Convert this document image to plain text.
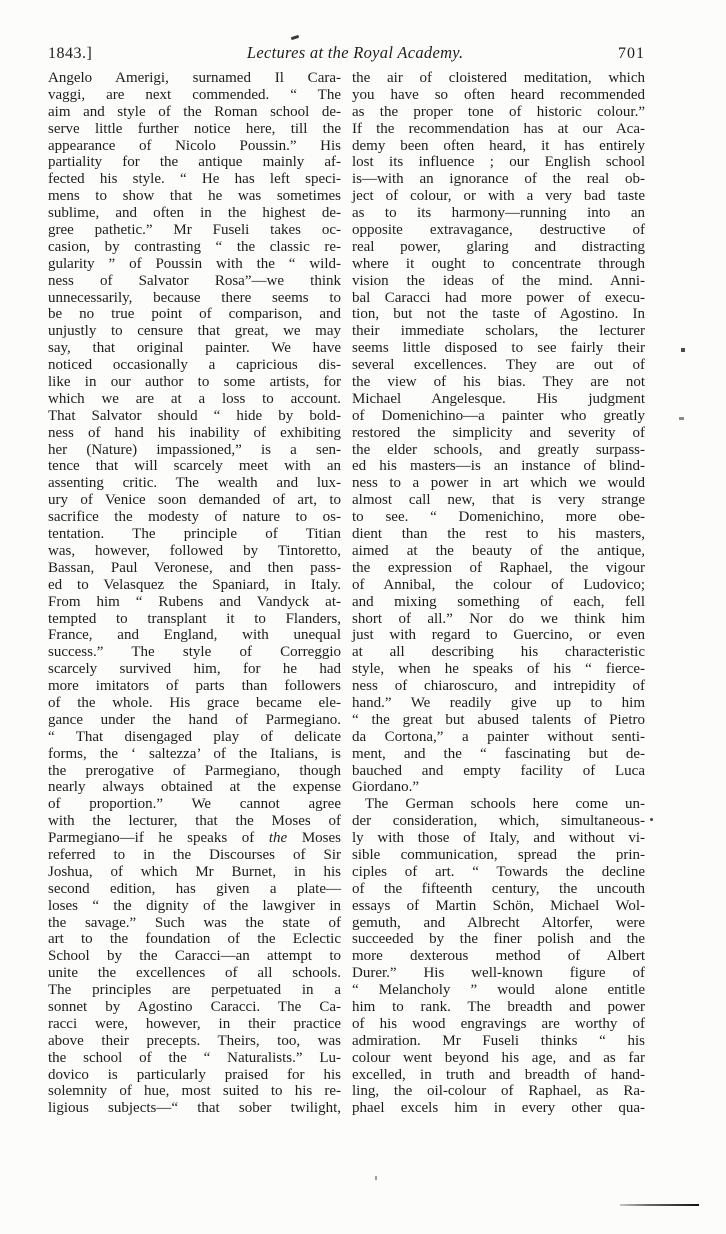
1843.]	Lectures at the Royal Academy.	701
Angelo Amerigi, surnamed Il Cara-
vaggi, are next commended. “ The
aim and style of the Roman school de-
serve little further notice here, till the
appearance of Nicolo Poussin.” His
partiality for the antique mainly af-
fected his style. “ He has left speci-
mens to show that he was sometimes
sublime, and often in the highest de-
gree pathetic.” Mr Fuseli takes oc-
casion, by contrasting “ the classic re-
gularity ” of Poussin with the “ wild-
ness of Salvator Rosa”—we think
unnecessarily, because there seems to
be no true point of comparison, and
unjustly to censure that great, we may
say, that original painter. We have
noticed occasionally a capricious dis-
like in our author to some artists, for
which we are at a loss to account.
That Salvator should “ hide by bold-
ness of hand his inability of exhibiting
her (Nature) impassioned,” is a sen-
tence that will scarcely meet with an
assenting critic. The wealth and lux-
ury of Venice soon demanded of art, to
sacrifice the modesty of nature to os-
tentation. The principle of Titian
was, however, followed by Tintoretto,
Bassan, Paul Veronese, and then pass-
ed to Velasquez the Spaniard, in Italy.
From him “ Rubens and Vandyck at-
tempted to transplant it to Flanders,
France, and England, with unequal
success.” The style of Correggio
scarcely survived him, for he had
more imitators of parts than followers
of the whole. His grace became ele-
gance under the hand of Parmegiano.
“ That disengaged play of delicate
forms, the ‘ saltezza’ of the Italians, is
the prerogative of Parmegiano, though
nearly always obtained at the expense
of proportion.” We cannot agree
with the lecturer, that the Moses of
Parmegiano—if he speaks of the Moses
referred to in the Discourses of Sir
Joshua, of which Mr Burnet, in his
second edition, has given a plate—
loses “ the dignity of the lawgiver in
the savage.” Such was the state of
art to the foundation of the Eclectic
School by the Caracci—an attempt to
unite the excellences of all schools.
The principles are perpetuated in a
sonnet by Agostino Caracci. The Ca-
racci were, however, in their practice
above their precepts. Theirs, too, was
the school of the “ Naturalists.” Lu-
dovico is particularly praised for his
solemnity of hue, most suited to his re-
ligious subjects—“ that sober twilight,
the air of cloistered meditation, which
you have so often heard recommended
as the proper tone of historic colour.”
If the recommendation has at our Aca-
demy been often heard, it has entirely
lost its influence ; our English school
is—with an ignorance of the real ob-
ject of colour, or with a very bad taste
as to its harmony—running into an
opposite extravagance, destructive of
real power, glaring and distracting
where it ought to concentrate through
vision the ideas of the mind. Anni-
bal Caracci had more power of execu-
tion, but not the taste of Agostino. In
their immediate scholars, the lecturer
seems little disposed to see fairly their
several excellences. They are out of
the view of his bias. They are not
Michael Angelesque. His judgment
of Domenichino—a painter who greatly
restored the simplicity and severity of
the elder schools, and greatly surpass-
ed his masters—is an instance of blind-
ness to a power in art which we would
almost call new, that is very strange
to see. “ Domenichino, more obe-
dient than the rest to his masters,
aimed at the beauty of the antique,
the expression of Raphael, the vigour
of Annibal, the colour of Ludovico;
and mixing something of each, fell
short of all.” Nor do we think him
just with regard to Guercino, or even
at all describing his characteristic
style, when he speaks of his “ fierce-
ness of chiaroscuro, and intrepidity of
hand.” We readily give up to him
“ the great but abused talents of Pietro
da Cortona,” a painter without senti-
ment, and the “ fascinating but de-
bauched and empty facility of Luca
Giordano.”
The German schools here come un-
der consideration, which, simultaneous-
ly with those of Italy, and without vi-
sible communication, spread the prin-
ciples of art. “ Towards the decline
of the fifteenth century, the uncouth
essays of Martin Schön, Michael Wol-
gemuth, and Albrecht Altorfer, were
succeeded by the finer polish and the
more dexterous method of Albert
Durer.” His well-known figure of
“ Melancholy ” would alone entitle
him to rank. The breadth and power
of his wood engravings are worthy of
admiration. Mr Fuseli thinks “ his
colour went beyond his age, and as far
excelled, in truth and breadth of hand-
ling, the oil-colour of Raphael, as Ra-
phael excels him in every other qua-
